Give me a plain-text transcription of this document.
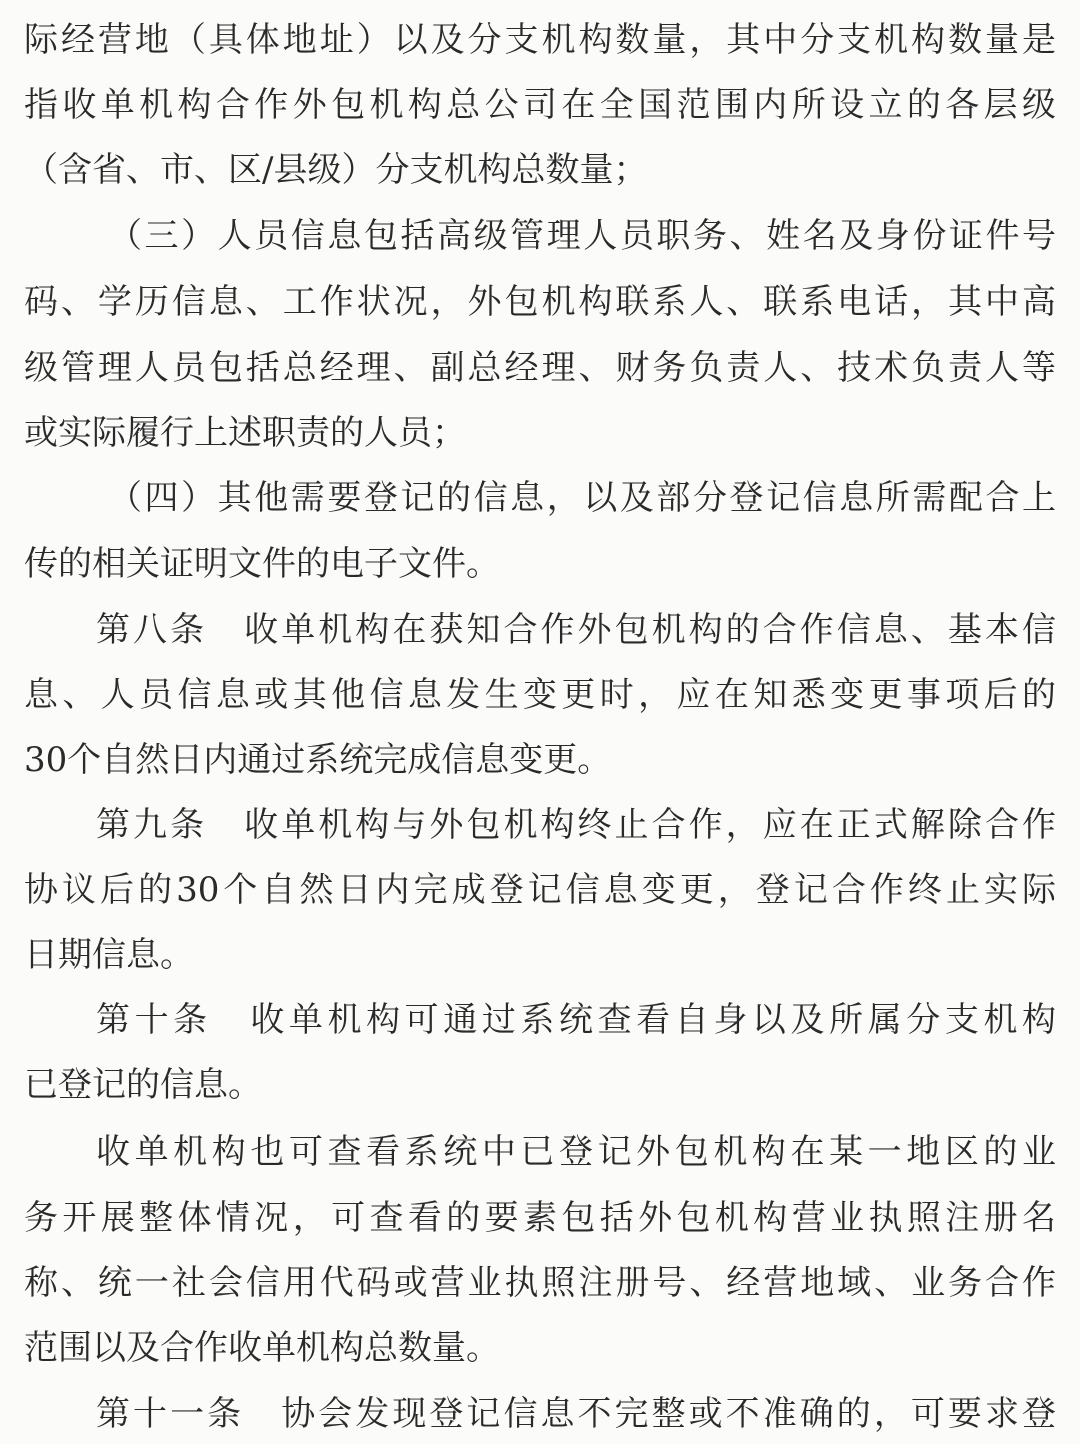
际经营地（具体地址）以及分支机构数量，其中分支机构数量是
指收单机构合作外包机构总公司在全国范围内所设立的各层级
（含省、市、区/县级）分支机构总数量；
（三）人员信息包括高级管理人员职务、姓名及身份证件号
码、学历信息、工作状况，外包机构联系人、联系电话，其中高
级管理人员包括总经理、副总经理、财务负责人、技术负责人等
或实际履行上述职责的人员；
（四）其他需要登记的信息，以及部分登记信息所需配合上
传的相关证明文件的电子文件。
第八条　收单机构在获知合作外包机构的合作信息、基本信
息、人员信息或其他信息发生变更时，应在知悉变更事项后的
30个自然日内通过系统完成信息变更。
第九条　收单机构与外包机构终止合作，应在正式解除合作
协议后的30个自然日内完成登记信息变更，登记合作终止实际
日期信息。
第十条　收单机构可通过系统查看自身以及所属分支机构
已登记的信息。
收单机构也可查看系统中已登记外包机构在某一地区的业
务开展整体情况，可查看的要素包括外包机构营业执照注册名
称、统一社会信用代码或营业执照注册号、经营地域、业务合作
范围以及合作收单机构总数量。
第十一条　协会发现登记信息不完整或不准确的，可要求登
